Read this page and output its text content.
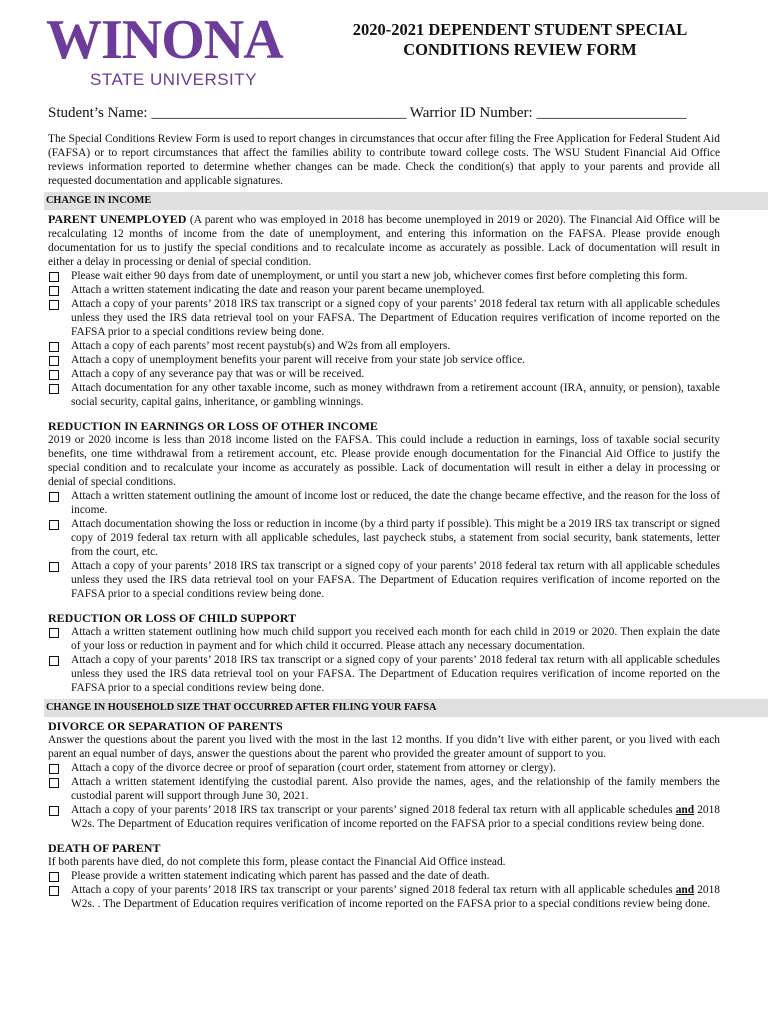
WINONA
STATE UNIVERSITY
2020-2021 DEPENDENT STUDENT SPECIAL
CONDITIONS REVIEW FORM
Student’s Name: __________________________________ Warrior ID Number: ____________________

The Special Conditions Review Form is used to report changes in circumstances that occur after filing the Free Application for Federal Student Aid (FAFSA) or to report circumstances that affect the families ability to contribute toward college costs. The WSU Student Financial Aid Office reviews information reported to determine whether changes can be made. Check the condition(s) that apply to your parents and provide all requested documentation and applicable signatures.

CHANGE IN INCOME

PARENT UNEMPLOYED (A parent who was employed in 2018 has become unemployed in 2019 or 2020). The Financial Aid Office will be recalculating 12 months of income from the date of unemployment, and entering this information on the FAFSA. Please provide enough documentation for us to justify the special conditions and to recalculate income as accurately as possible. Lack of documentation will result in either a delay in processing or denial of special condition.

Please wait either 90 days from date of unemployment, or until you start a new job, whichever comes first before completing this form.
Attach a written statement indicating the date and reason your parent became unemployed.
Attach a copy of your parents’ 2018 IRS tax transcript or a signed copy of your parents’ 2018 federal tax return with all applicable schedules unless they used the IRS data retrieval tool on your FAFSA. The Department of Education requires verification of income reported on the FAFSA prior to a special conditions review being done.
Attach a copy of each parents’ most recent paystub(s) and W2s from all employers.
Attach a copy of unemployment benefits your parent will receive from your state job service office.
Attach a copy of any severance pay that was or will be received.
Attach documentation for any other taxable income, such as money withdrawn from a retirement account (IRA, annuity, or pension), taxable social security, capital gains, inheritance, or gambling winnings.
REDUCTION IN EARNINGS OR LOSS OF OTHER INCOME

2019 or 2020 income is less than 2018 income listed on the FAFSA. This could include a reduction in earnings, loss of taxable social security benefits, one time withdrawal from a retirement account, etc. Please provide enough documentation for the Financial Aid Office to justify the special condition and to recalculate your income as accurately as possible. Lack of documentation will result in either a delay in processing or denial of special conditions.

Attach a written statement outlining the amount of income lost or reduced, the date the change became effective, and the reason for the loss of income.
Attach documentation showing the loss or reduction in income (by a third party if possible). This might be a 2019 IRS tax transcript or signed copy of 2019 federal tax return with all applicable schedules, last paycheck stubs, a statement from social security, bank statements, letter from the court, etc.
Attach a copy of your parents’ 2018 IRS tax transcript or a signed copy of your parents’ 2018 federal tax return with all applicable schedules unless they used the IRS data retrieval tool on your FAFSA. The Department of Education requires verification of income reported on the FAFSA prior to a special conditions review being done.
REDUCTION OR LOSS OF CHILD SUPPORT
Attach a written statement outlining how much child support you received each month for each child in 2019 or 2020. Then explain the date of your loss or reduction in payment and for which child it occurred. Please attach any necessary documentation.
Attach a copy of your parents’ 2018 IRS tax transcript or a signed copy of your parents’ 2018 federal tax return with all applicable schedules unless they used the IRS data retrieval tool on your FAFSA. The Department of Education requires verification of income reported on the FAFSA prior to a special conditions review being done.
CHANGE IN HOUSEHOLD SIZE THAT OCCURRED AFTER FILING YOUR FAFSA
DIVORCE OR SEPARATION OF PARENTS

Answer the questions about the parent you lived with the most in the last 12 months. If you didn’t live with either parent, or you lived with each parent an equal number of days, answer the questions about the parent who provided the greater amount of support to you.

Attach a copy of the divorce decree or proof of separation (court order, statement from attorney or clergy).
Attach a written statement identifying the custodial parent. Also provide the names, ages, and the relationship of the family members the custodial parent will support through June 30, 2021.
Attach a copy of your parents’ 2018 IRS tax transcript or your parents’ signed 2018 federal tax return with all applicable schedules and 2018 W2s. The Department of Education requires verification of income reported on the FAFSA prior to a special conditions review being done.
DEATH OF PARENT

If both parents have died, do not complete this form, please contact the Financial Aid Office instead.

Please provide a written statement indicating which parent has passed and the date of death.
Attach a copy of your parents’ 2018 IRS tax transcript or your parents’ signed 2018 federal tax return with all applicable schedules and 2018 W2s. . The Department of Education requires verification of income reported on the FAFSA prior to a special conditions review being done.
